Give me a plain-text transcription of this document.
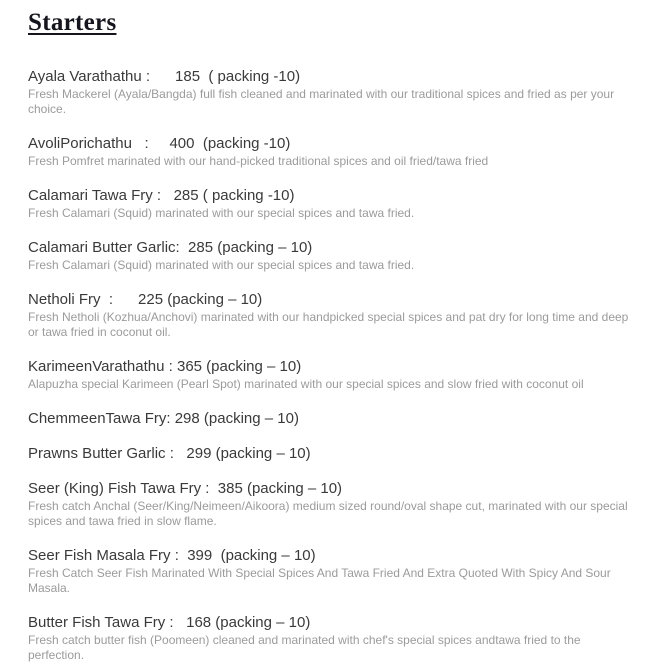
Starters
Ayala Varathathu :      185  ( packing -10)
Fresh Mackerel (Ayala/Bangda) full fish cleaned and marinated with our traditional spices and fried as per your choice.
AvoliPorichathu   :     400  (packing -10)
Fresh Pomfret marinated with our hand-picked traditional spices and oil fried/tawa fried
Calamari Tawa Fry :   285 ( packing -10)
Fresh Calamari (Squid) marinated with our special spices and tawa fried.
Calamari Butter Garlic:  285 (packing – 10)
Fresh Calamari (Squid) marinated with our special spices and tawa fried.
Netholi Fry  :      225 (packing – 10)
Fresh Netholi (Kozhua/Anchovi) marinated with our handpicked special spices and pat dry for long time and deep or tawa fried in coconut oil.
KarimeenVarathathu : 365 (packing – 10)
Alapuzha special Karimeen (Pearl Spot) marinated with our special spices and slow fried with coconut oil
ChemmeenTawa Fry: 298 (packing – 10)
Prawns Butter Garlic :   299 (packing – 10)
Seer (King) Fish Tawa Fry :  385 (packing – 10)
Fresh catch Anchal (Seer/King/Neimeen/Aikoora) medium sized round/oval shape cut, marinated with our special spices and tawa fried in slow flame.
Seer Fish Masala Fry :  399  (packing – 10)
Fresh Catch Seer Fish Marinated With Special Spices And Tawa Fried And Extra Quoted With Spicy And Sour Masala.
Butter Fish Tawa Fry :   168 (packing – 10)
Fresh catch butter fish (Poomeen) cleaned and marinated with chef's special spices andtawa fried to the perfection.
